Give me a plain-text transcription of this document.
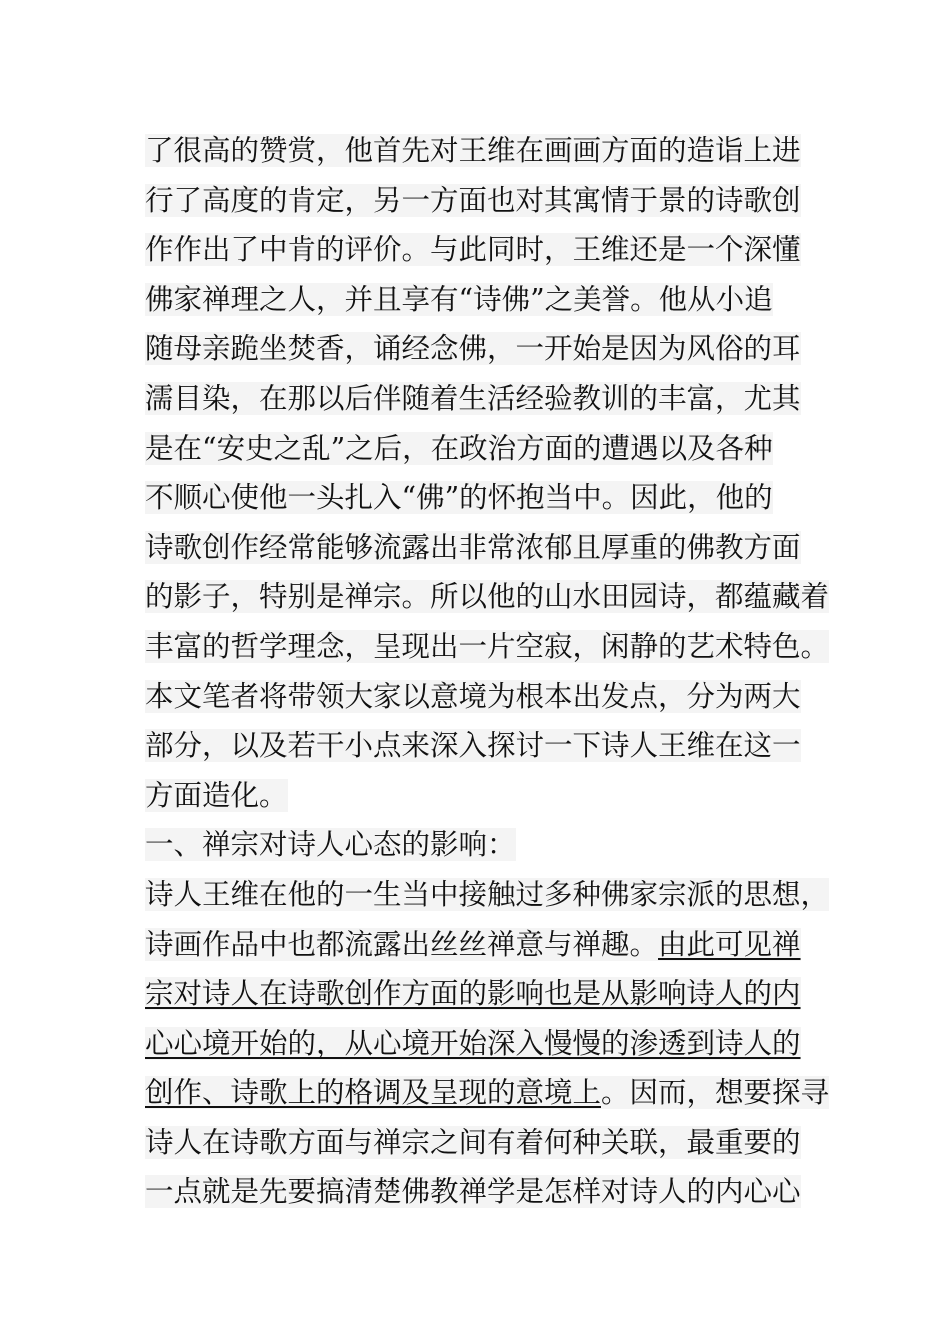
了很高的赞赏，他首先对王维在画画方面的造诣上进
行了高度的肯定，另一方面也对其寓情于景的诗歌创
作作出了中肯的评价。与此同时，王维还是一个深懂
佛家禅理之人，并且享有“诗佛”之美誉。他从小追
随母亲跪坐焚香，诵经念佛，一开始是因为风俗的耳
濡目染，在那以后伴随着生活经验教训的丰富，尤其
是在“安史之乱”之后，在政治方面的遭遇以及各种
不顺心使他一头扎入“佛”的怀抱当中。因此，他的
诗歌创作经常能够流露出非常浓郁且厚重的佛教方面
的影子，特别是禅宗。所以他的山水田园诗，都蕴藏着
丰富的哲学理念，呈现出一片空寂，闲静的艺术特色。
本文笔者将带领大家以意境为根本出发点，分为两大
部分，以及若干小点来深入探讨一下诗人王维在这一
方面造化。
一、禅宗对诗人心态的影响：
诗人王维在他的一生当中接触过多种佛家宗派的思想，
诗画作品中也都流露出丝丝禅意与禅趣。由此可见禅
宗对诗人在诗歌创作方面的影响也是从影响诗人的内
心心境开始的，从心境开始深入慢慢的渗透到诗人的
创作、诗歌上的格调及呈现的意境上。因而，想要探寻
诗人在诗歌方面与禅宗之间有着何种关联，最重要的
一点就是先要搞清楚佛教禅学是怎样对诗人的内心心
